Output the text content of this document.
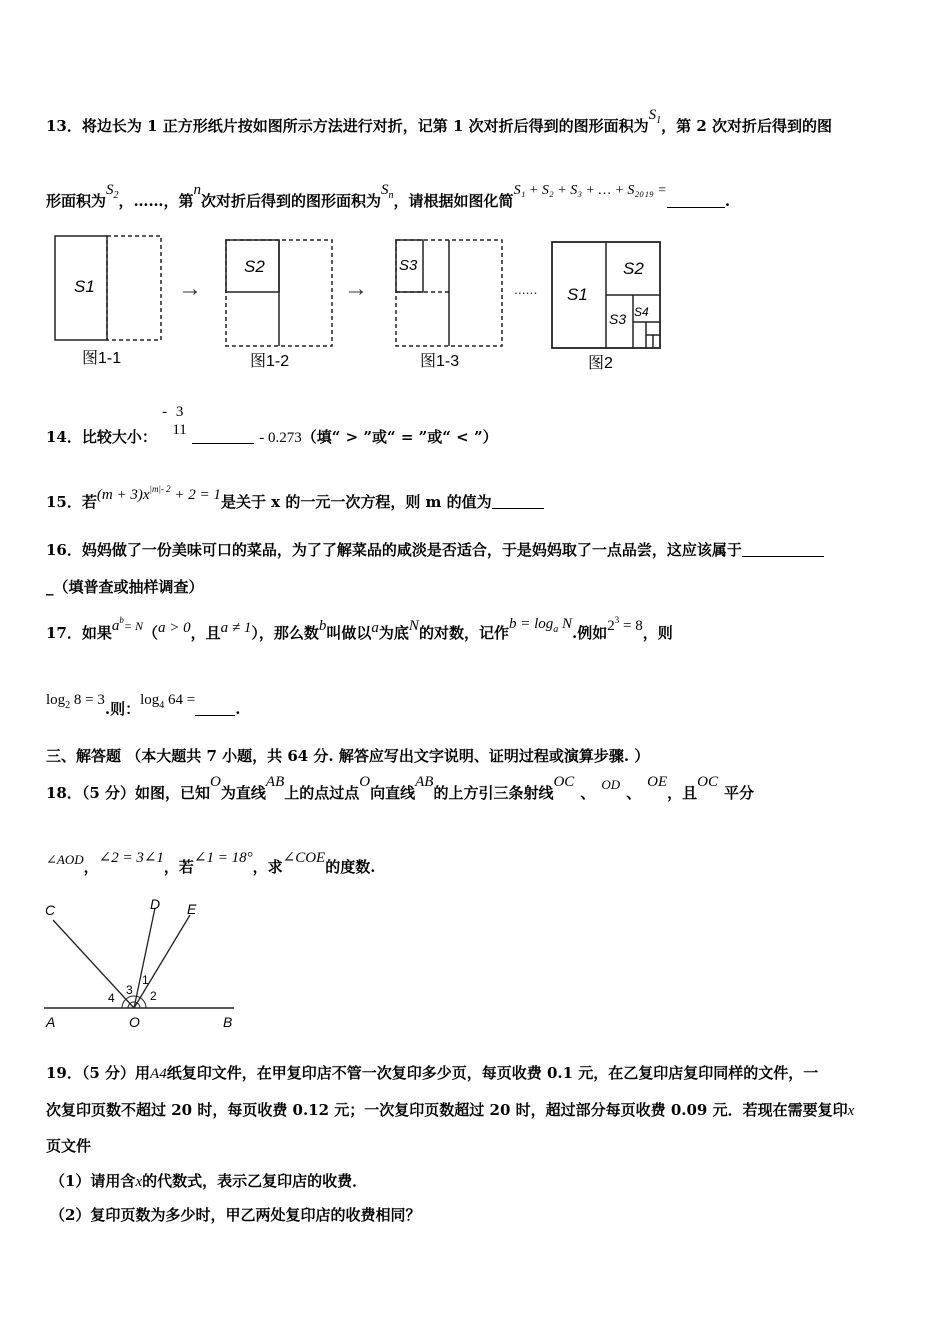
13．将边长为 1 正方形纸片按如图所示方法进行对折，记第 1 次对折后得到的图形面积为$S_1$，第 2 次对折后得到的图
形面积为$S_2$，……，第n次对折后得到的图形面积为$S_n$，请根据如图化简S₁ + S₂ + S₃ + … + S₂₀₁₉ =.
S1
图1-1
→
S2
图1-2
→
S3
图1-3
...... S1
S2
S3 S4
图2
14．比较大小： - 3
11	- 0.273（填“ > ”或“ = ”或“ < ”）
15．若$(m + 3)x^{|m|- 2} + 2 = 1$是关于 x 的一元一次方程，则 m 的值为
16．妈妈做了一份美味可口的菜品，为了了解菜品的咸淡是否适合，于是妈妈取了一点品尝，这应该属于
_（填普查或抽样调查）
17．如果$a^b= N(a > 0$，且a ≠ 1），那么数b叫做以a为底N的对数，记作$b = \log_a N$.例如$2^3 = 8$，则
$\log_2 8 = 3$.则：$\log_4 64$ =	.
三、解答题 （本大题共 7 小题，共 64 分. 解答应写出文字说明、证明过程或演算步骤. ）
18．（5 分）如图，已知O为直线AB上的点过点O向直线AB的上方引三条射线OC、 OD 、OE，且OC平分
∠AOD，∠2 = 3∠1，若∠1 = 18°，求∠COE的度数.
C	D E
A	O	B
1
2
3
4
19．（5 分）用A4纸复印文件，在甲复印店不管一次复印多少页，每页收费 0.1 元，在乙复印店复印同样的文件，一
次复印页数不超过 20 时，每页收费 0.12 元；一次复印页数超过 20 时，超过部分每页收费 0.09 元．若现在需要复印x
页文件
（1）请用含x的代数式，表示乙复印店的收费．
（2）复印页数为多少时，甲乙两处复印店的收费相同？
